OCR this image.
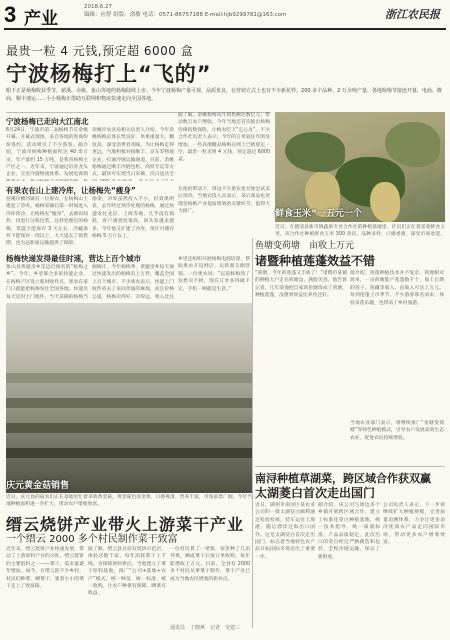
3 产业
2018.6.27
编辑：应舒 组版：俞敏 电话：0571-86757188 E-mail:hjb9299781@163.com	浙江农民报
最贵一粒 4 元钱,预定超 6000 盒
宁波杨梅打上“飞的”
眼下正是杨梅收获季节，慈溪、余姚、象山等地的杨梅陆续上市。今年宁波杨梅产量可观，品质优良，在营销方式上也有不少新花样。200 多个品种、2 万余吨产量、各地杨梅节接连开幕，电商、微商、顺丰速运……小小杨梅正借助互联网和物流快速走向全国各地。
宁波杨梅已走向大江南北
6月24日，宁波市第二届杨梅节在余姚开幕。开幕式现场，来自各地的客商纷纷签约，活动吸引了不少游客。据介绍，宁波市杨梅种植面积达 40 余万亩，年产量约 15 万吨，是我省杨梅主产区之一。近年来，宁波通过培育龙头企业、完善冷链物流体系、发展电商销
余姚市农业局相关负责人介绍，今年余姚杨梅总体长势良好，单果重量大、糖度高，深受消费者青睐。为让杨梅走得更远，当地积极对接顺丰、京东等物流企业，打通冷链运输通道。目前，余姚杨梅通过顺丰冷链包机、高铁专运等方式，最快可实现当日采摘、次日送达全
据了解，余姚杨梅每年销售额达数亿元，带动数万农户增收。今年当地还首次推出杨梅价格指数保险，让梅农吃下“定心丸”。不少合作社负责人表示，今年的订单较往年明显增加，一些高端精品杨梅在网上已被预定一空，最贵一粒卖到 4 元钱，预定超过 6000 盒。
有果农在山上建冷库，让杨梅先“瘦身”
慈溪市横河镇有一位果农，在杨梅山上建起了冷库。杨梅采摘后第一时间进入冷库预冷，让杨梅先“瘦身”，去除田间热，再进行分拣包装。这样处理后的杨梅，常温下能保存 3 天左右，冷藏条件下能保存一周以上，大大延长了销售期，也为远距离运输提供了保障。
他说，冷库虽然投入不小，但效果明显，去年经过预冷处理的杨梅，通过快递发往北京、上海等地，几乎没有损耗，客户满意度很高，回头客越来越多。今年他又扩建了冷库，预计可储存杨梅 5 万斤以上。
在他的带动下，周边不少果农也开始尝试采后预冷。当地农技人员表示，采后商品化处理是杨梅产业提质增效的关键环节，值得大力推广。
杨梅快递发得最佳时速，营达上百个城市
象山县黄避岙乡是远近闻名的“杨梅之乡”。今年，乡里联合多家快递企业，在杨梅产区设立临时收件点，果农在家门口就能把杨梅发往全国各地。快递员每天定时上门收件，当天采摘的杨梅当
据统计，今年杨梅季，黄避岙乡每天通过快递发出的杨梅有上万件，覆盖全国上百个城市。不少果农表示，快递上门收件省去了来回奔波的麻烦，而且价格公道，杨梅卖得好、卖得远，收入比往
乡里还组织开展杨梅电商培训，帮助果农开设网店、玩转朋友圈营销。一位果农说：“以前杨梅熟了发愁卖不掉，现在订单多得做不完，手机一响就是生意。”
鲜食玉米“一五元一个
近日，在德清县新市镇蔬果专业合作社的种植基地里，社员们正忙着采收鲜食玉米。该合作社种植鲜食玉米 300 余亩，品种多样，口感香甜，深受市场欢迎，
鱼塘变荷塘　亩收上万元
诸暨种植莲蓬效益不错
“荷塘，今年的莲蓬又丰收了！”诸暨市某镇的种植大户走在荷塘边，满脸笑意。他告诉记者，几年前他把自家的鱼塘改成了荷塘，种植莲蓬，没想到效益比养鱼还好。
他介绍，莲蓬种植技术并不复杂，管理相对简单，一亩荷塘能产莲蓬数千个，加上后期的莲子、莲藕等收入，亩收入可达上万元。每到莲蓬上市季节，不少游客慕名而来，体验采莲乐趣，也带动了乡村旅游。
当地农业部门表示，将继续推广“鱼塘变荷塘”等特色种植模式，引导农户发展高效生态农业，促进农民持续增收。
庆元黄金菇销售
近日，庆元县的菇农们正在基地里忙着采收黄金菇。黄金菇色泽金黄、口感爽滑、营养丰富，市场前景广阔，今年当地种植面积进一步扩大，带动农户增收致富。
缙云烧饼产业带火上游菜干产业
一个缙云 2000 多个村民制作菜干致富
近年来，缙云烧饼产业快速发展，带动了上游原料产业的兴旺。缙云烧饼的主要馅料之一——菜干，需求量逐年增加。如今，在缙云的不少乡村，村民们种菜、晒菜干，靠着小小的菜干走上了致富路。
据了解，缙云县目前有烧饼示范店、体验店数千家，每年消耗菜干上千吨。为保障原料供应，当地建立了菜干原料基地，推广“公司+基地+农户”模式，统一种苗、统一标准、统一收购，让农户种菜有保障、晒菜有收益。
一位村民算了一笔账，家里种了几亩芥菜，晒成菜干后按订单收购，每年能增收上万元。目前，全县有 2000 多个村民从事菜干制作，菜干产业已成为当地农民增收的新亮点。
通讯员　丁晓燕　记者　吴建三
南浔种植草湖菜，跨区域合作获双赢
太湖菱白首次走出国门
近日，湖州市南浔区某农业公司的一批太湖茭白顺利通过检验检疫，装车运往上海港，随后漂洋过海出口国外。这是太湖茭白首次走出国门，标志着当地特色农产品开拓国际市场迈出了重要一步。
据介绍，该公司与周边多个乡镇开展跨区域合作，建立了标准化茭白种植基地，统一技术指导、统一质量标准，产品品质稳定。此次出口的茭白经过严格挑选和包装，全程冷链运输，保证了新鲜度。
公司负责人表示，下一步将继续扩大种植规模，完善质量追溯体系，力争让更多南浔优质农产品走向国际市场，带动更多农户增收致富。
